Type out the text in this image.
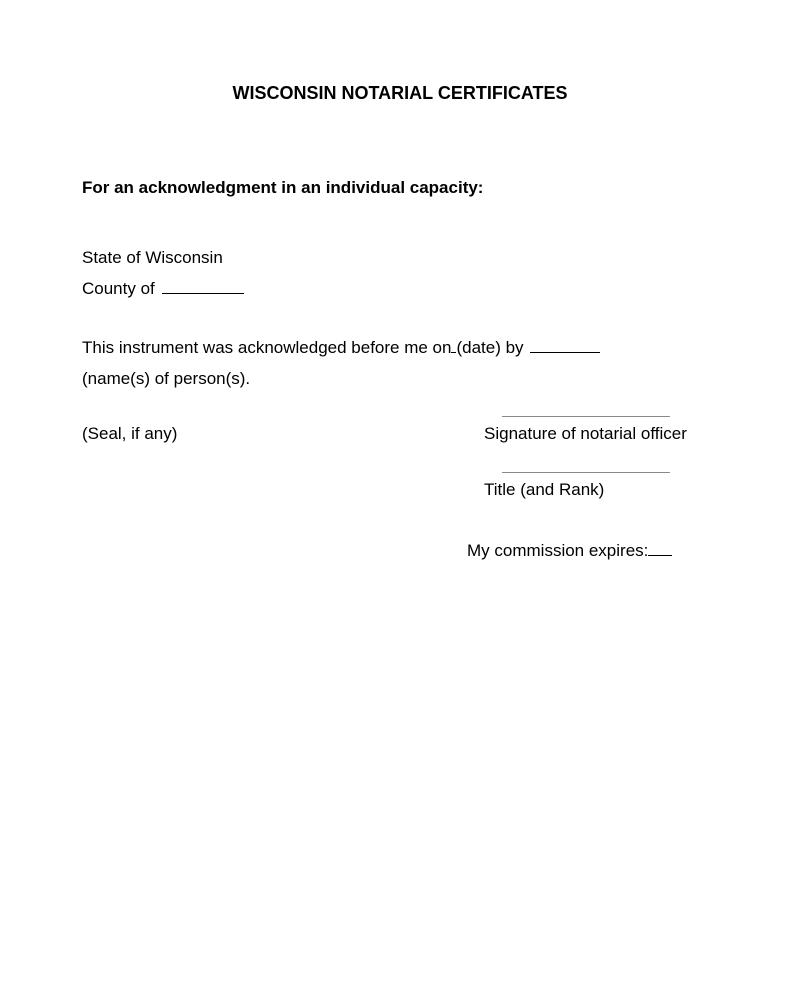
WISCONSIN NOTARIAL CERTIFICATES
For an acknowledgment in an individual capacity:
State of Wisconsin
County of
This instrument was acknowledged before me on (date) by
(name(s) of person(s).
(Seal, if any)	Signature of notarial officer
Title (and Rank)
My commission expires:
